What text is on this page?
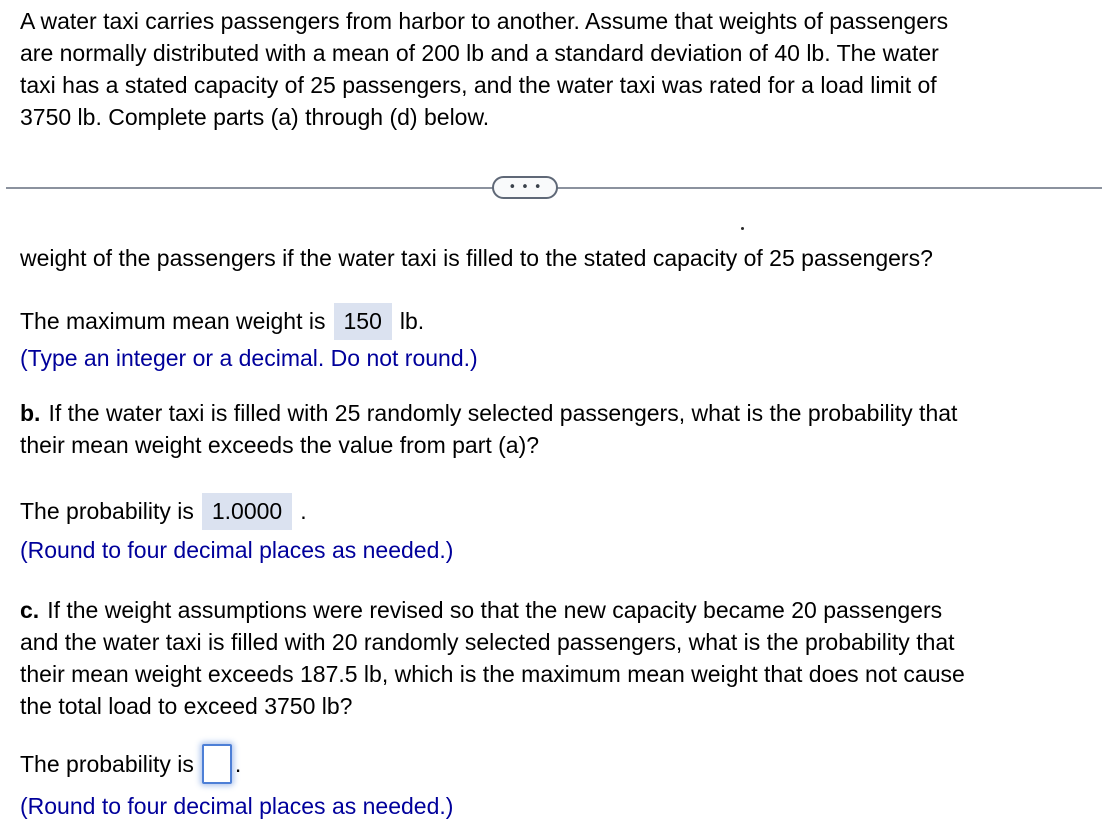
A water taxi carries passengers from harbor to another. Assume that weights of passengers
are normally distributed with a mean of 200 lb and a standard deviation of 40 lb. The water
taxi has a stated capacity of 25 passengers, and the water taxi was rated for a load limit of
3750 lb. Complete parts (a) through (d) below.
•••
weight of the passengers if the water taxi is filled to the stated capacity of 25 passengers?
The maximum mean weight is 150 lb.
(Type an integer or a decimal. Do not round.)
b. If the water taxi is filled with 25 randomly selected passengers, what is the probability that
their mean weight exceeds the value from part (a)?
The probability is 1.0000 .
(Round to four decimal places as needed.)
c. If the weight assumptions were revised so that the new capacity became 20 passengers
and the water taxi is filled with 20 randomly selected passengers, what is the probability that
their mean weight exceeds 187.5 lb, which is the maximum mean weight that does not cause
the total load to exceed 3750 lb?
The probability is .
(Round to four decimal places as needed.)
